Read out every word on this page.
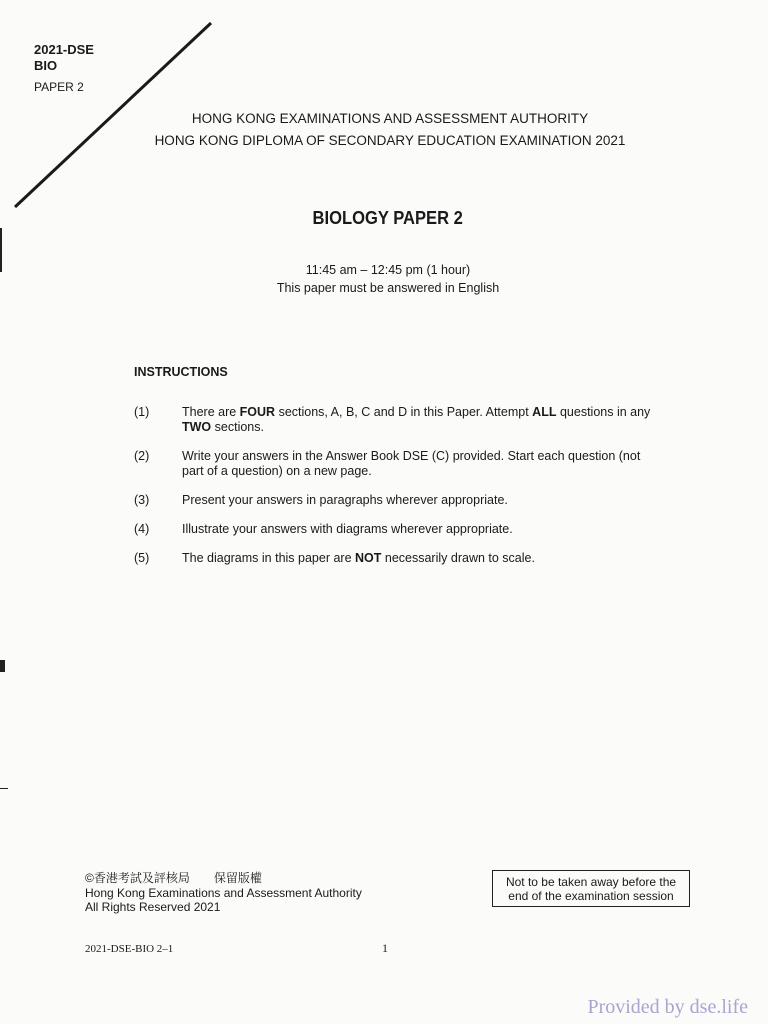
2021-DSE
BIO
PAPER 2
HONG KONG EXAMINATIONS AND ASSESSMENT AUTHORITY
HONG KONG DIPLOMA OF SECONDARY EDUCATION EXAMINATION 2021
BIOLOGY PAPER 2
11:45 am – 12:45 pm (1 hour)
This paper must be answered in English
INSTRUCTIONS
(1)	There are FOUR sections, A, B, C and D in this Paper. Attempt ALL questions in any TWO sections.
(2)	Write your answers in the Answer Book DSE (C) provided. Start each question (not part of a question) on a new page.
(3)	Present your answers in paragraphs wherever appropriate.
(4)	Illustrate your answers with diagrams wherever appropriate.
(5)	The diagrams in this paper are NOT necessarily drawn to scale.
©香港考試及評核局　　保留版權
Hong Kong Examinations and Assessment Authority
All Rights Reserved 2021
Not to be taken away before the
end of the examination session
2021-DSE-BIO 2–1	1
Provided by dse.life
